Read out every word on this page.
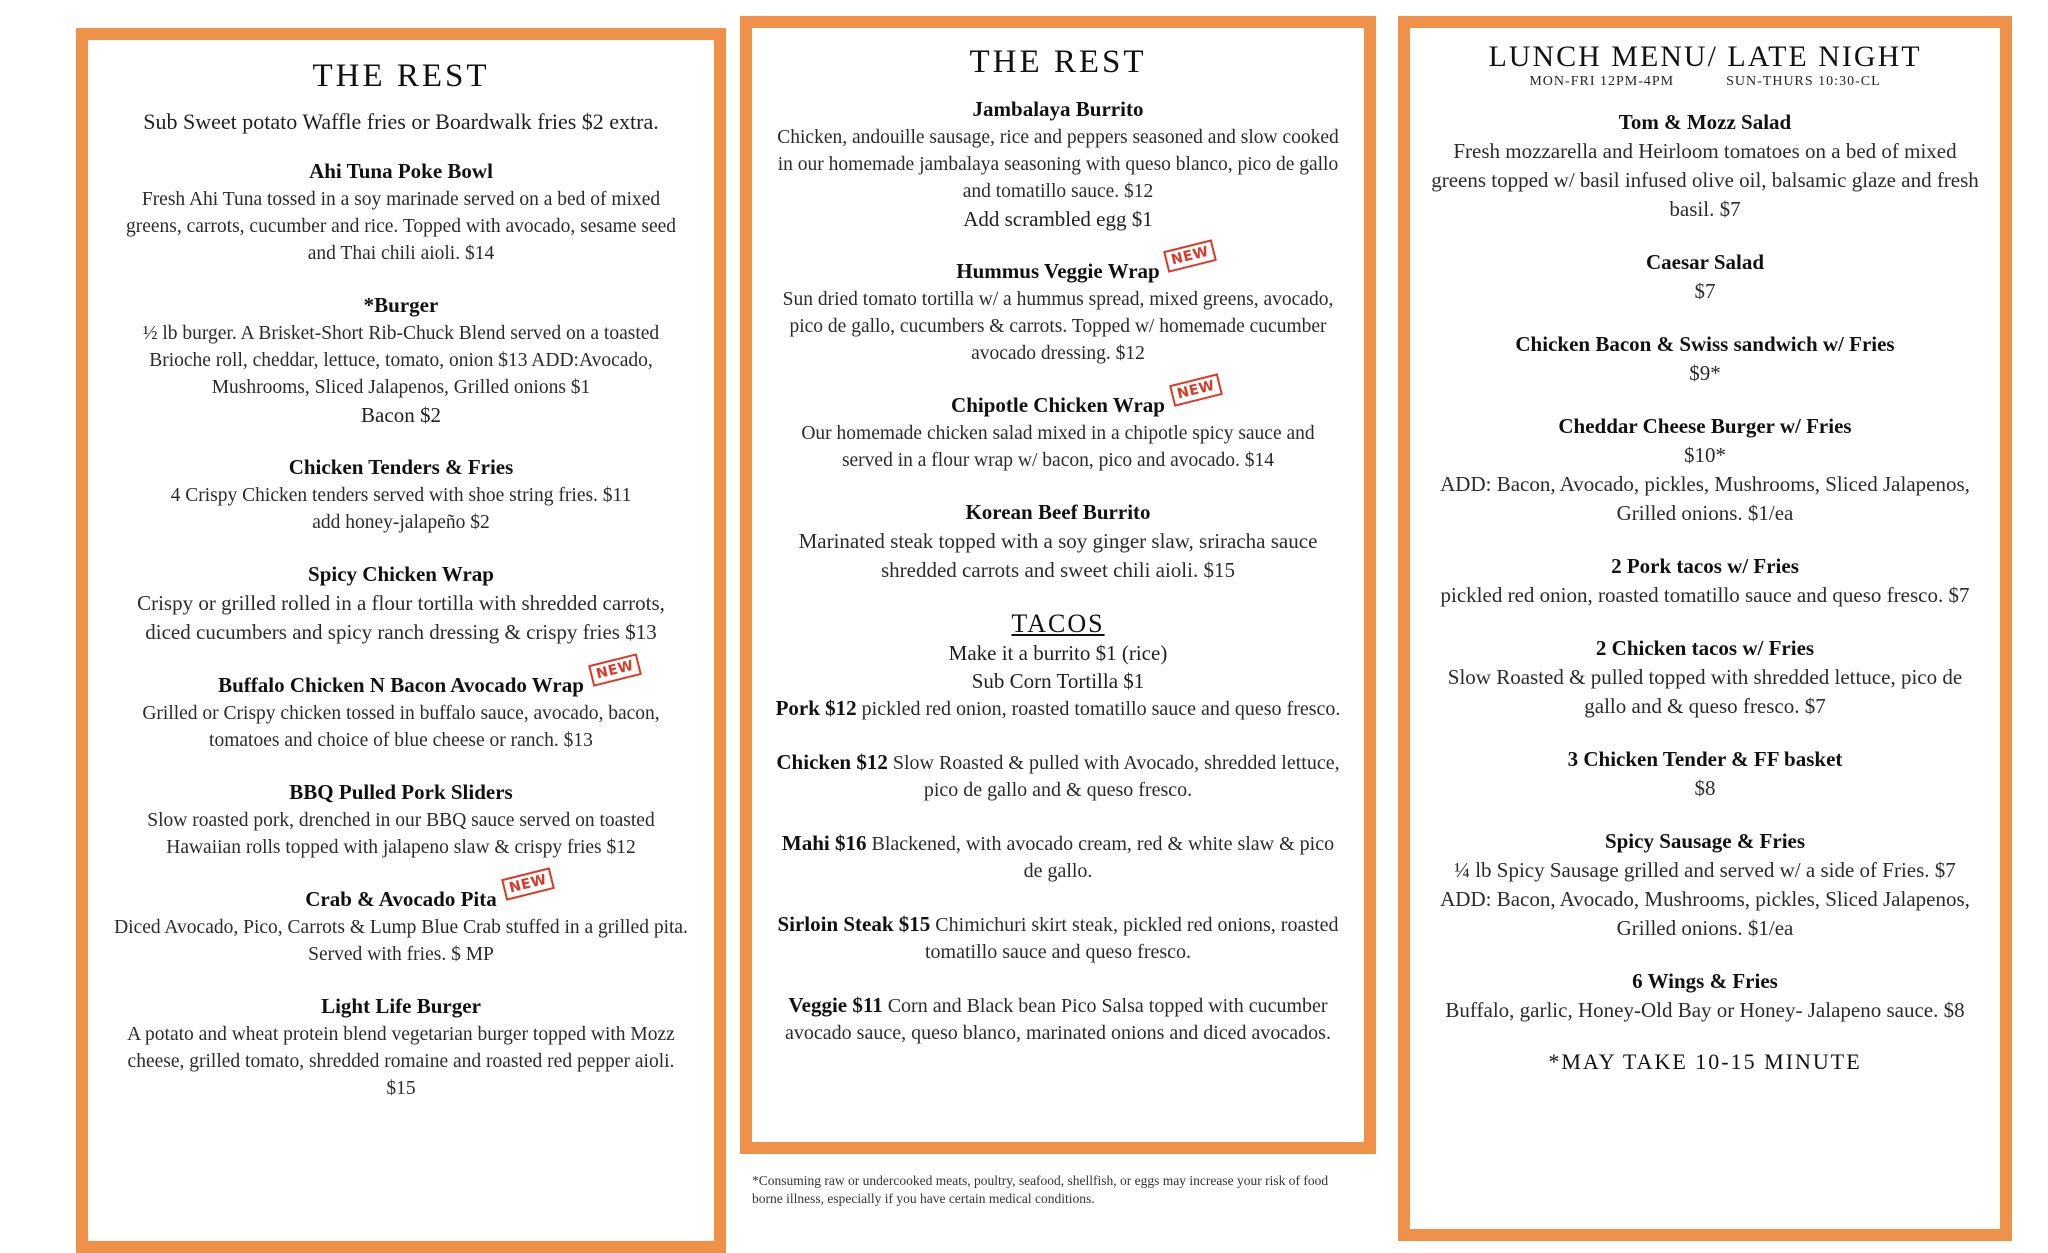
THE REST
Sub Sweet potato Waffle fries or Boardwalk fries $2 extra.
Ahi Tuna Poke Bowl
Fresh Ahi Tuna tossed in a soy marinade served on a bed of mixed greens, carrots, cucumber and rice. Topped with avocado, sesame seed and Thai chili aioli. $14
*Burger
½ lb burger. A Brisket-Short Rib-Chuck Blend served on a toasted Brioche roll, cheddar, lettuce, tomato, onion $13 ADD:Avocado, Mushrooms, Sliced Jalapenos, Grilled onions $1
Bacon $2
Chicken Tenders & Fries
4 Crispy Chicken tenders served with shoe string fries. $11
add honey-jalapeño $2
Spicy Chicken Wrap
Crispy or grilled rolled in a flour tortilla with shredded carrots, diced cucumbers and spicy ranch dressing & crispy fries $13
Buffalo Chicken N Bacon Avocado Wrap
NEW
Grilled or Crispy chicken tossed in buffalo sauce, avocado, bacon, tomatoes and choice of blue cheese or ranch. $13
BBQ Pulled Pork Sliders
Slow roasted pork, drenched in our BBQ sauce served on toasted Hawaiian rolls topped with jalapeno slaw & crispy fries $12
Crab & Avocado Pita
NEW
Diced Avocado, Pico, Carrots & Lump Blue Crab stuffed in a grilled pita. Served with fries. $ MP
Light Life Burger
A potato and wheat protein blend vegetarian burger topped with Mozz cheese, grilled tomato, shredded romaine and roasted red pepper aioli. $15
THE REST
Jambalaya Burrito
Chicken, andouille sausage, rice and peppers seasoned and slow cooked in our homemade jambalaya seasoning with queso blanco, pico de gallo and tomatillo sauce. $12
Add scrambled egg $1
Hummus Veggie Wrap
NEW
Sun dried tomato tortilla w/ a hummus spread, mixed greens, avocado, pico de gallo, cucumbers & carrots. Topped w/ homemade cucumber avocado dressing. $12
Chipotle Chicken Wrap
NEW
Our homemade chicken salad mixed in a chipotle spicy sauce and served in a flour wrap w/ bacon, pico and avocado. $14
Korean Beef Burrito
Marinated steak topped with a soy ginger slaw, sriracha sauce shredded carrots and sweet chili aioli. $15
TACOS
Make it a burrito $1 (rice)
Sub Corn Tortilla $1
Pork $12 pickled red onion, roasted tomatillo sauce and queso fresco.
Chicken $12 Slow Roasted & pulled with Avocado, shredded lettuce, pico de gallo and & queso fresco.
Mahi $16 Blackened, with avocado cream, red & white slaw & pico de gallo.
Sirloin Steak $15 Chimichuri skirt steak, pickled red onions, roasted tomatillo sauce and queso fresco.
Veggie $11 Corn and Black bean Pico Salsa topped with cucumber avocado sauce, queso blanco, marinated onions and diced avocados.
*Consuming raw or undercooked meats, poultry, seafood, shellfish, or eggs may increase your risk of food borne illness, especially if you have certain medical conditions.
LUNCH MENU/ LATE NIGHT
MON-FRI 12PM-4PM	SUN-THURS 10:30-CL
Tom & Mozz Salad
Fresh mozzarella and Heirloom tomatoes on a bed of mixed greens topped w/ basil infused olive oil, balsamic glaze and fresh basil. $7
Caesar Salad
$7
Chicken Bacon & Swiss sandwich w/ Fries
$9*
Cheddar Cheese Burger w/ Fries
$10*
ADD: Bacon, Avocado, pickles, Mushrooms, Sliced Jalapenos, Grilled onions. $1/ea
2 Pork tacos w/ Fries
pickled red onion, roasted tomatillo sauce and queso fresco. $7
2 Chicken tacos w/ Fries
Slow Roasted & pulled topped with shredded lettuce, pico de gallo and & queso fresco. $7
3 Chicken Tender & FF basket
$8
Spicy Sausage & Fries
¼ lb Spicy Sausage grilled and served w/ a side of Fries. $7
ADD: Bacon, Avocado, Mushrooms, pickles, Sliced Jalapenos, Grilled onions. $1/ea
6 Wings & Fries
Buffalo, garlic, Honey-Old Bay or Honey- Jalapeno sauce. $8
*MAY TAKE 10-15 MINUTE
